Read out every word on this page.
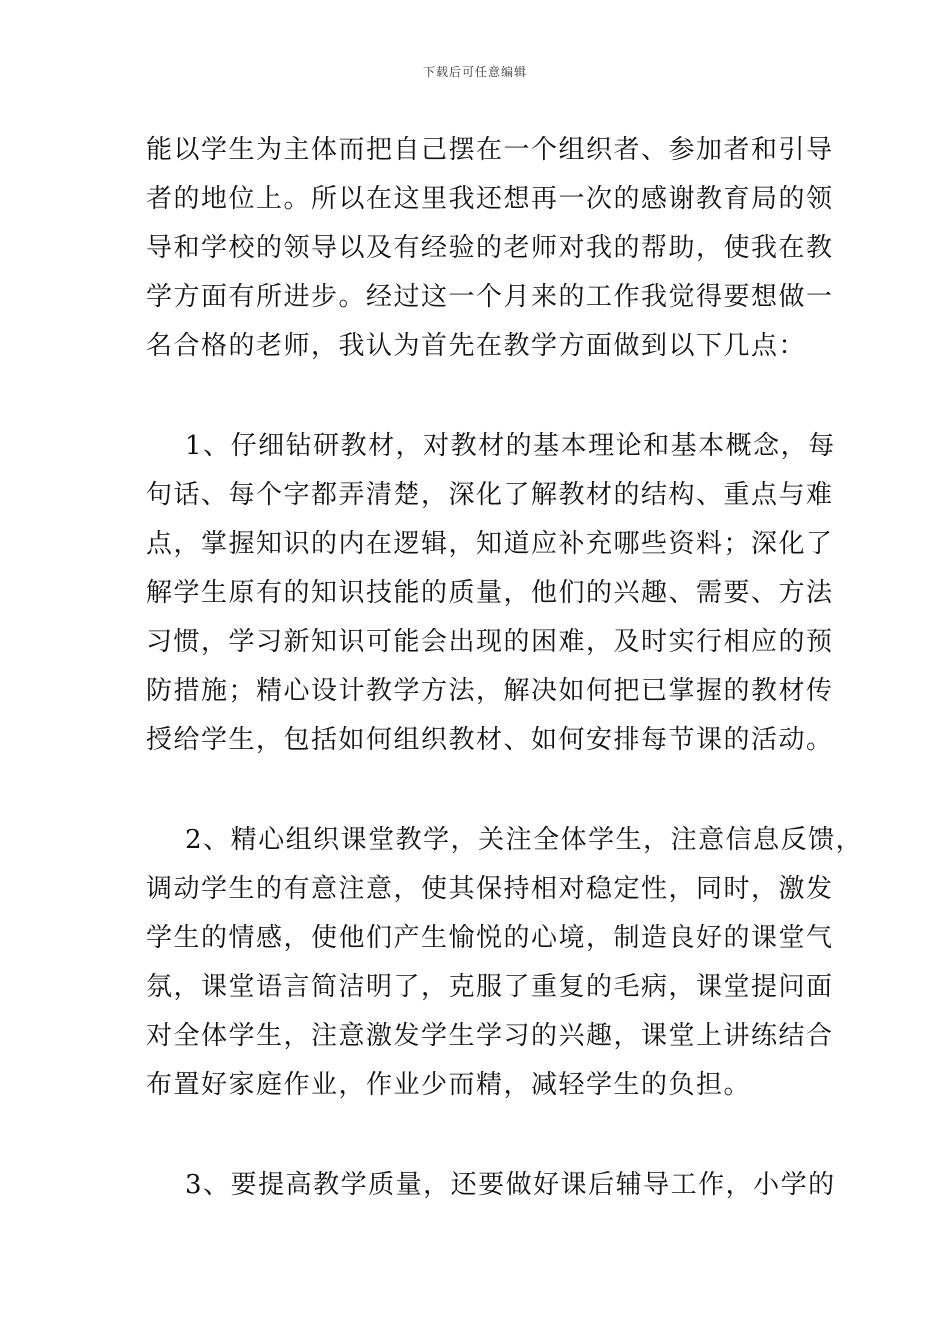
下载后可任意编辑
能以学生为主体而把自己摆在一个组织者、参加者和引导
者的地位上。所以在这里我还想再一次的感谢教育局的领
导和学校的领导以及有经验的老师对我的帮助，使我在教
学方面有所进步。经过这一个月来的工作我觉得要想做一
名合格的老师，我认为首先在教学方面做到以下几点：
1、仔细钻研教材，对教材的基本理论和基本概念，每
句话、每个字都弄清楚，深化了解教材的结构、重点与难
点，掌握知识的内在逻辑，知道应补充哪些资料；深化了
解学生原有的知识技能的质量，他们的兴趣、需要、方法
习惯，学习新知识可能会出现的困难，及时实行相应的预
防措施；精心设计教学方法，解决如何把已掌握的教材传
授给学生，包括如何组织教材、如何安排每节课的活动。
2、精心组织课堂教学，关注全体学生，注意信息反馈，
调动学生的有意注意，使其保持相对稳定性，同时，激发
学生的情感，使他们产生愉悦的心境，制造良好的课堂气
氛，课堂语言简洁明了，克服了重复的毛病，课堂提问面
对全体学生，注意激发学生学习的兴趣，课堂上讲练结合
布置好家庭作业，作业少而精，减轻学生的负担。
3、要提高教学质量，还要做好课后辅导工作，小学的
